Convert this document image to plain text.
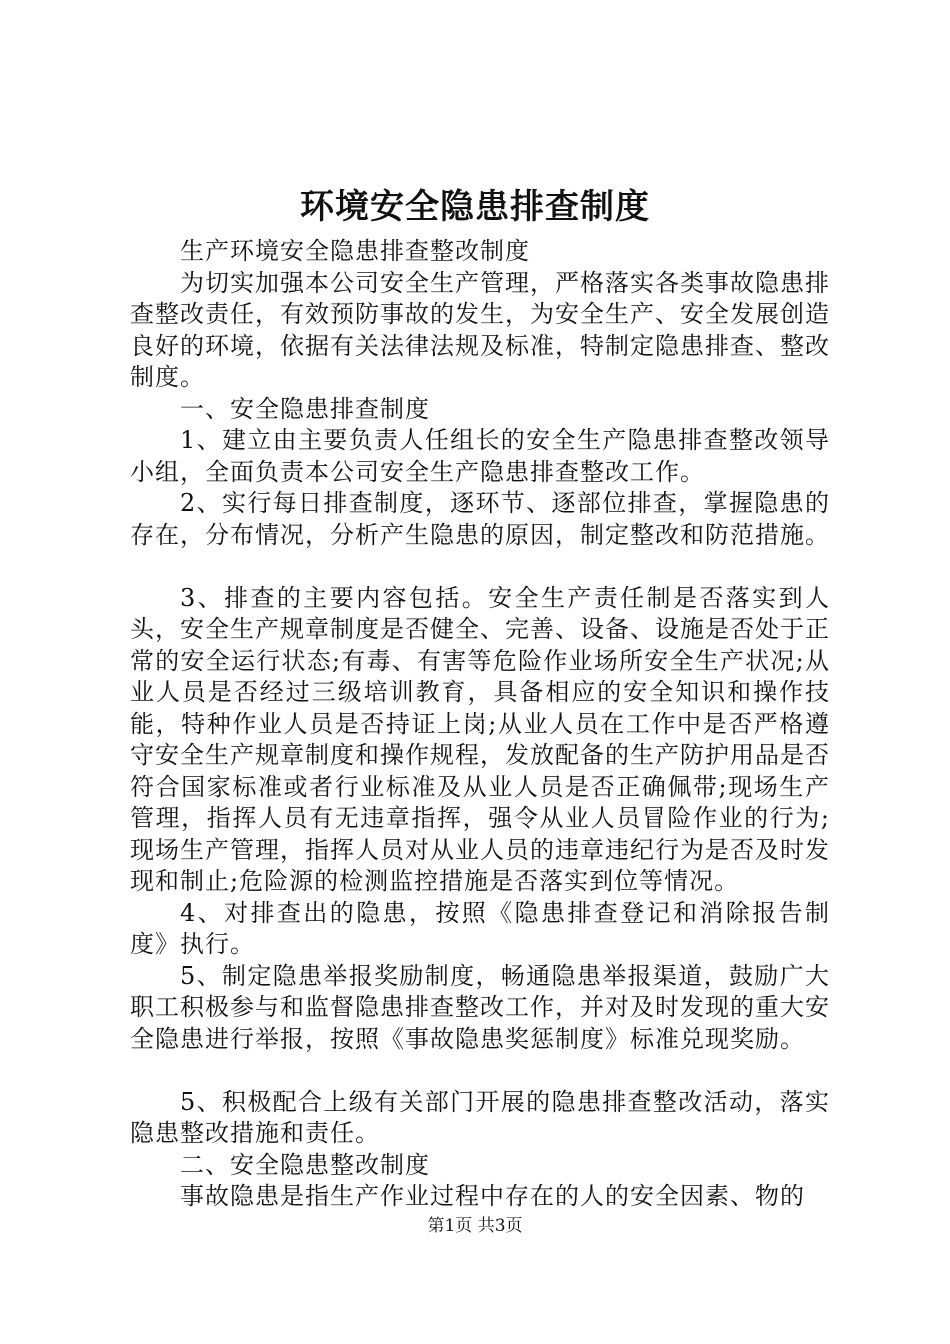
环境安全隐患排查制度

生产环境安全隐患排查整改制度

为切实加强本公司安全生产管理，严格落实各类事故隐患排查整改责任，有效预防事故的发生，为安全生产、安全发展创造良好的环境，依据有关法律法规及标准，特制定隐患排查、整改制度。

一、安全隐患排查制度

1、建立由主要负责人任组长的安全生产隐患排查整改领导小组，全面负责本公司安全生产隐患排查整改工作。

2、实行每日排查制度，逐环节、逐部位排查，掌握隐患的存在，分布情况，分析产生隐患的原因，制定整改和防范措施。

3、排查的主要内容包括。安全生产责任制是否落实到人头，安全生产规章制度是否健全、完善、设备、设施是否处于正常的安全运行状态;有毒、有害等危险作业场所安全生产状况;从业人员是否经过三级培训教育，具备相应的安全知识和操作技能，特种作业人员是否持证上岗;从业人员在工作中是否严格遵守安全生产规章制度和操作规程，发放配备的生产防护用品是否符合国家标准或者行业标准及从业人员是否正确佩带;现场生产管理，指挥人员有无违章指挥，强令从业人员冒险作业的行为;现场生产管理，指挥人员对从业人员的违章违纪行为是否及时发现和制止;危险源的检测监控措施是否落实到位等情况。

4、对排查出的隐患，按照《隐患排查登记和消除报告制度》执行。

5、制定隐患举报奖励制度，畅通隐患举报渠道，鼓励广大职工积极参与和监督隐患排查整改工作，并对及时发现的重大安全隐患进行举报，按照《事故隐患奖惩制度》标准兑现奖励。

5、积极配合上级有关部门开展的隐患排查整改活动，落实隐患整改措施和责任。

二、安全隐患整改制度

事故隐患是指生产作业过程中存在的人的安全因素、物的

第1页 共3页
